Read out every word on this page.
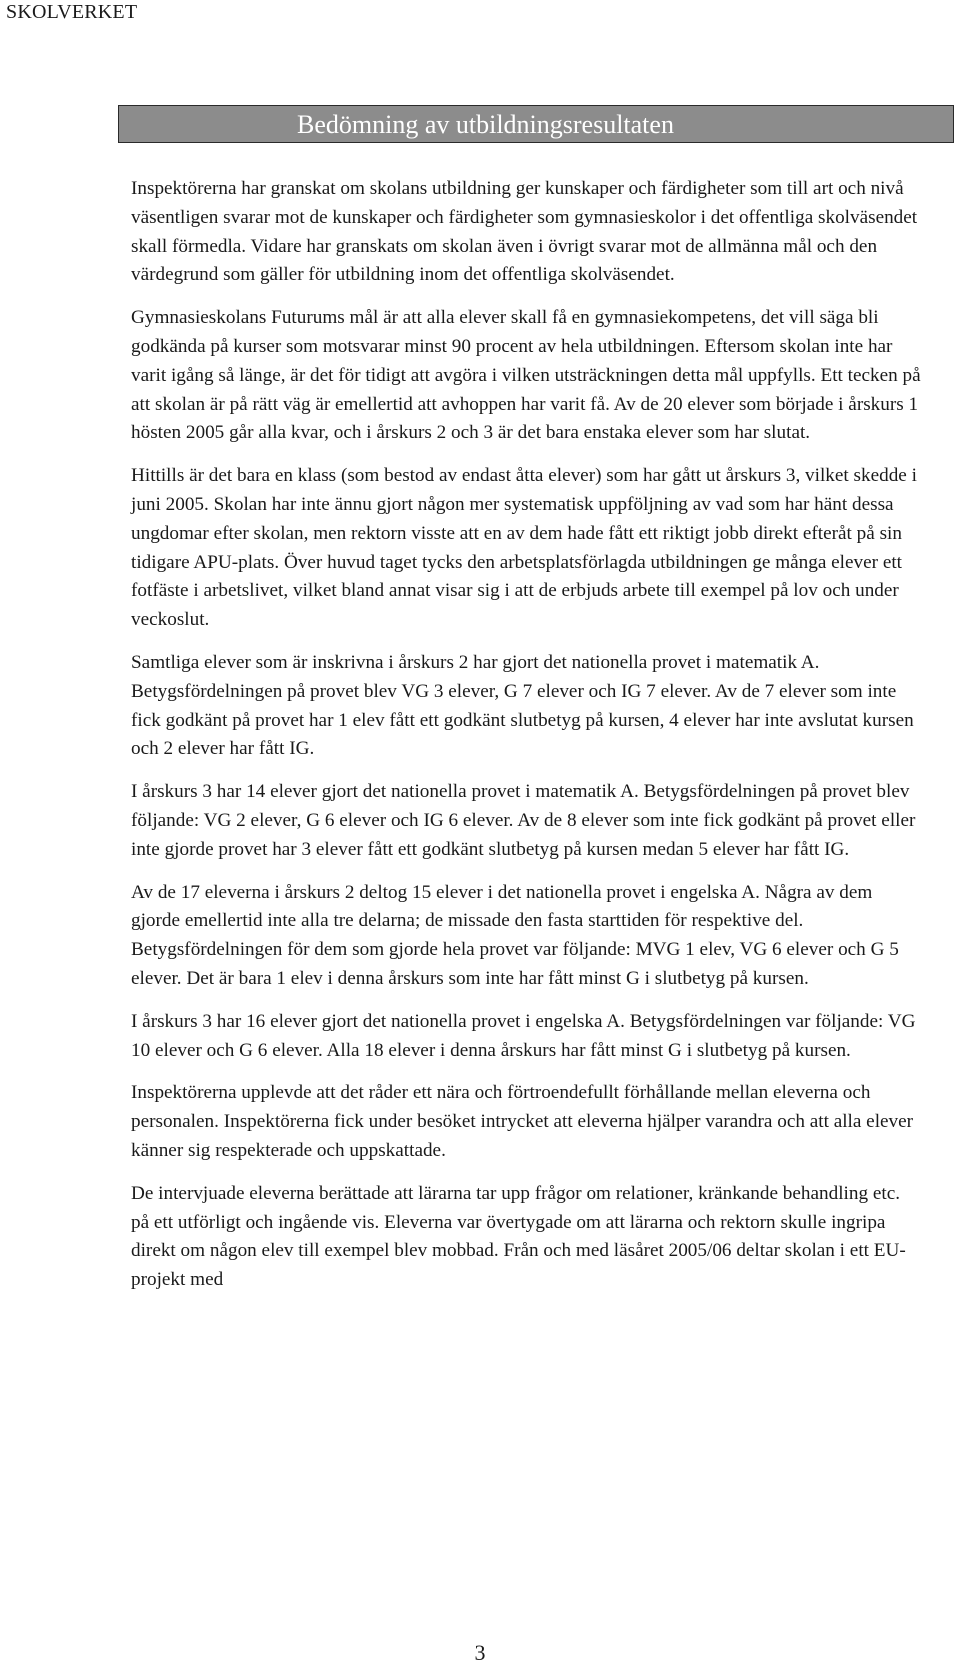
SKOLVERKET
Bedömning av utbildningsresultaten

Inspektörerna har granskat om skolans utbildning ger kunskaper och färdigheter som till art och nivå väsentligen svarar mot de kunskaper och färdigheter som gymnasieskolor i det offentliga skolväsendet skall förmedla. Vidare har granskats om skolan även i övrigt svarar mot de allmänna mål och den värdegrund som gäller för utbildning inom det offentliga skolväsendet.

Gymnasieskolans Futurums mål är att alla elever skall få en gymnasiekompetens, det vill säga bli godkända på kurser som motsvarar minst 90 procent av hela utbildningen. Eftersom skolan inte har varit igång så länge, är det för tidigt att avgöra i vilken utsträckningen detta mål uppfylls. Ett tecken på att skolan är på rätt väg är emellertid att avhoppen har varit få. Av de 20 elever som började i årskurs 1 hösten 2005 går alla kvar, och i årskurs 2 och 3 är det bara enstaka elever som har slutat.

Hittills är det bara en klass (som bestod av endast åtta elever) som har gått ut årskurs 3, vilket skedde i juni 2005. Skolan har inte ännu gjort någon mer systematisk uppföljning av vad som har hänt dessa ungdomar efter skolan, men rektorn visste att en av dem hade fått ett riktigt jobb direkt efteråt på sin tidigare APU-plats. Över huvud taget tycks den arbetsplatsförlagda utbildningen ge många elever ett fotfäste i arbetslivet, vilket bland annat visar sig i att de erbjuds arbete till exempel på lov och under veckoslut.

Samtliga elever som är inskrivna i årskurs 2 har gjort det nationella provet i matematik A. Betygsfördelningen på provet blev VG 3 elever, G 7 elever och IG 7 elever. Av de 7 elever som inte fick godkänt på provet har 1 elev fått ett godkänt slutbetyg på kursen, 4 elever har inte avslutat kursen och 2 elever har fått IG.

I årskurs 3 har 14 elever gjort det nationella provet i matematik A. Betygsfördelningen på provet blev följande: VG 2 elever, G 6 elever och IG 6 elever. Av de 8 elever som inte fick godkänt på provet eller inte gjorde provet har 3 elever fått ett godkänt slutbetyg på kursen medan 5 elever har fått IG.

Av de 17 eleverna i årskurs 2 deltog 15 elever i det nationella provet i engelska A. Några av dem gjorde emellertid inte alla tre delarna; de missade den fasta starttiden för respektive del. Betygsfördelningen för dem som gjorde hela provet var följande: MVG 1 elev, VG 6 elever och G 5 elever. Det är bara 1 elev i denna årskurs som inte har fått minst G i slutbetyg på kursen.

I årskurs 3 har 16 elever gjort det nationella provet i engelska A. Betygsfördelningen var följande: VG 10 elever och G 6 elever. Alla 18 elever i denna årskurs har fått minst G i slutbetyg på kursen.

Inspektörerna upplevde att det råder ett nära och förtroendefullt förhållande mellan eleverna och personalen. Inspektörerna fick under besöket intrycket att eleverna hjälper varandra och att alla elever känner sig respekterade och uppskattade.

De intervjuade eleverna berättade att lärarna tar upp frågor om relationer, kränkande behandling etc. på ett utförligt och ingående vis. Eleverna var övertygade om att lärarna och rektorn skulle ingripa direkt om någon elev till exempel blev mobbad. Från och med läsåret 2005/06 deltar skolan i ett EU-projekt med

3
